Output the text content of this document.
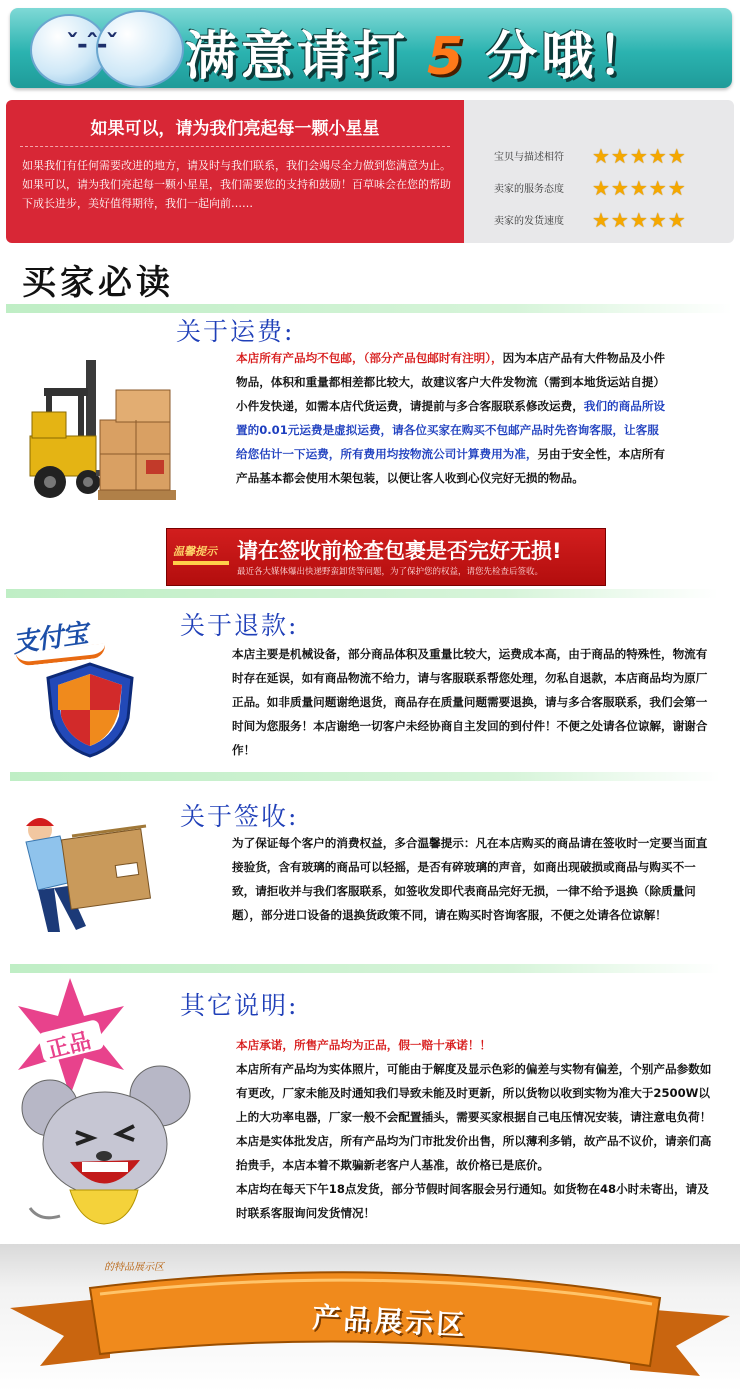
ˇ-ˆ-ˇ 满意请打 5 分哦！
如果可以，请为我们亮起每一颗小星星
如果我们有任何需要改进的地方，请及时与我们联系，我们会竭尽全力做到您满意为止。如果可以，请为我们亮起每一颗小星星，我们需要您的支持和鼓励！百草味会在您的帮助下成长进步，美好值得期待，我们一起向前……
宝贝与描述相符 ★★★★★
卖家的服务态度 ★★★★★
卖家的发货速度 ★★★★★
买家必读
关于运费:
本店所有产品均不包邮，（部分产品包邮时有注明），因为本店产品有大件物品及小件物品，体积和重量都相差都比较大，故建议客户大件发物流（需到本地货运站自提）小件发快递，如需本店代货运费，请提前与多合客服联系修改运费，我们的商品所设置的0.01元运费是虚拟运费，请各位买家在购买不包邮产品时先咨询客服，让客服给您估计一下运费，所有费用均按物流公司计算费用为准，另由于安全性，本店所有产品基本都会使用木架包装，以便让客人收到心仪完好无损的物品。
温馨提示 请在签收前检查包裹是否完好无损!
最近各大媒体爆出快递野蛮卸货等问题，为了保护您的权益，请您先检查后签收。
支付宝	关于退款:
本店主要是机械设备，部分商品体积及重量比较大，运费成本高，由于商品的特殊性，物流有时存在延误，如有商品物流不给力，请与客服联系帮您处理，勿私自退款，本店商品均为原厂正品。如非质量问题谢绝退货，商品存在质量问题需要退换，请与多合客服联系，我们会第一时间为您服务！本店谢绝一切客户未经协商自主发回的到付件！不便之处请各位谅解，谢谢合作！
关于签收:
为了保证每个客户的消费权益，多合温馨提示：凡在本店购买的商品请在签收时一定要当面直接验货，含有玻璃的商品可以轻摇，是否有碎玻璃的声音，如商出现破损或商品与购买不一致，请拒收并与我们客服联系，如签收发即代表商品完好无损，一律不给予退换（除质量问题），部分进口设备的退换货政策不同，请在购买时咨询客服，不便之处请各位谅解！
正品
其它说明:
本店承诺，所售产品均为正品，假一赔十承诺！！
本店所有产品均为实体照片，可能由于解度及显示色彩的偏差与实物有偏差，个别产品参数如有更改，厂家未能及时通知我们导致未能及时更新，所以货物以收到实物为准大于2500W以上的大功率电器，厂家一般不会配置插头，需要买家根据自己电压情况安装，请注意电负荷！
本店是实体批发店，所有产品均为门市批发价出售，所以薄利多销，故产品不议价，请亲们高抬贵手，本店本着不欺骗新老客户人基准，故价格已是底价。
本店均在每天下午18点发货，部分节假时间客服会另行通知。如货物在48小时未寄出，请及时联系客服询问发货情况！
的特品展示区
产品展示区
